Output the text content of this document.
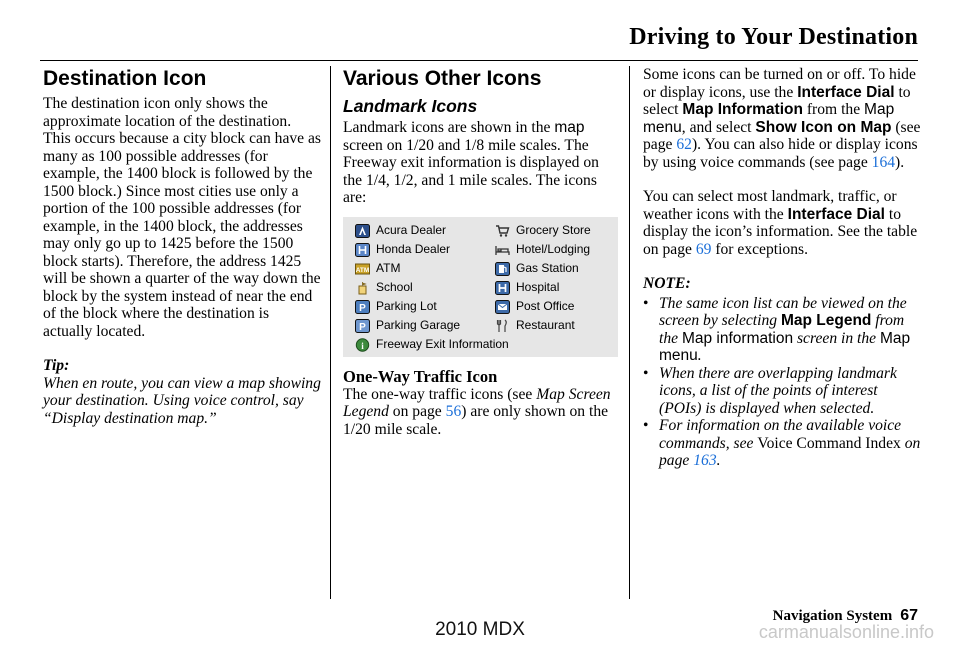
Driving to Your Destination
Destination Icon

The destination icon only shows the approximate location of the destination. This occurs because a city block can have as many as 100 possible addresses (for example, the 1400 block is followed by the 1500 block.) Since most cities use only a portion of the 100 possible addresses (for example, in the 1400 block, the addresses may only go up to 1425 before the 1500 block starts). Therefore, the address 1425 will be shown a quarter of the way down the block by the system instead of near the end of the block where the destination is actually located.

Tip:

When en route, you can view a map showing your destination. Using voice control, say “Display destination map.”

Various Other Icons
Landmark Icons

Landmark icons are shown in the map screen on 1/20 and 1/8 mile scales. The Freeway exit information is displayed on the 1/4, 1/2, and 1 mile scales. The icons are:

Acura Dealer	Grocery Store
Honda Dealer	Hotel/Lodging
ATM ATM	Gas Station
School	Hospital
P Parking Lot	Post Office
P Parking Garage	Restaurant
i Freeway Exit Information
One-Way Traffic Icon

The one-way traffic icons (see Map Screen Legend on page 56) are only shown on the 1/20 mile scale.

Some icons can be turned on or off. To hide or display icons, use the Interface Dial to select Map Information from the Map menu, and select Show Icon on Map (see page 62). You can also hide or display icons by using voice commands (see page 164).

You can select most landmark, traffic, or weather icons with the Interface Dial to display the icon’s information. See the table on page 69 for exceptions.

NOTE:

• The same icon list can be viewed on the screen by selecting Map Legend from the Map information screen in the Map menu.
• When there are overlapping landmark icons, a list of the points of interest (POIs) is displayed when selected.
• For information on the available voice commands, see Voice Command Index on page 163.
Navigation System 67
2010 MDX	carmanualsonline.info
